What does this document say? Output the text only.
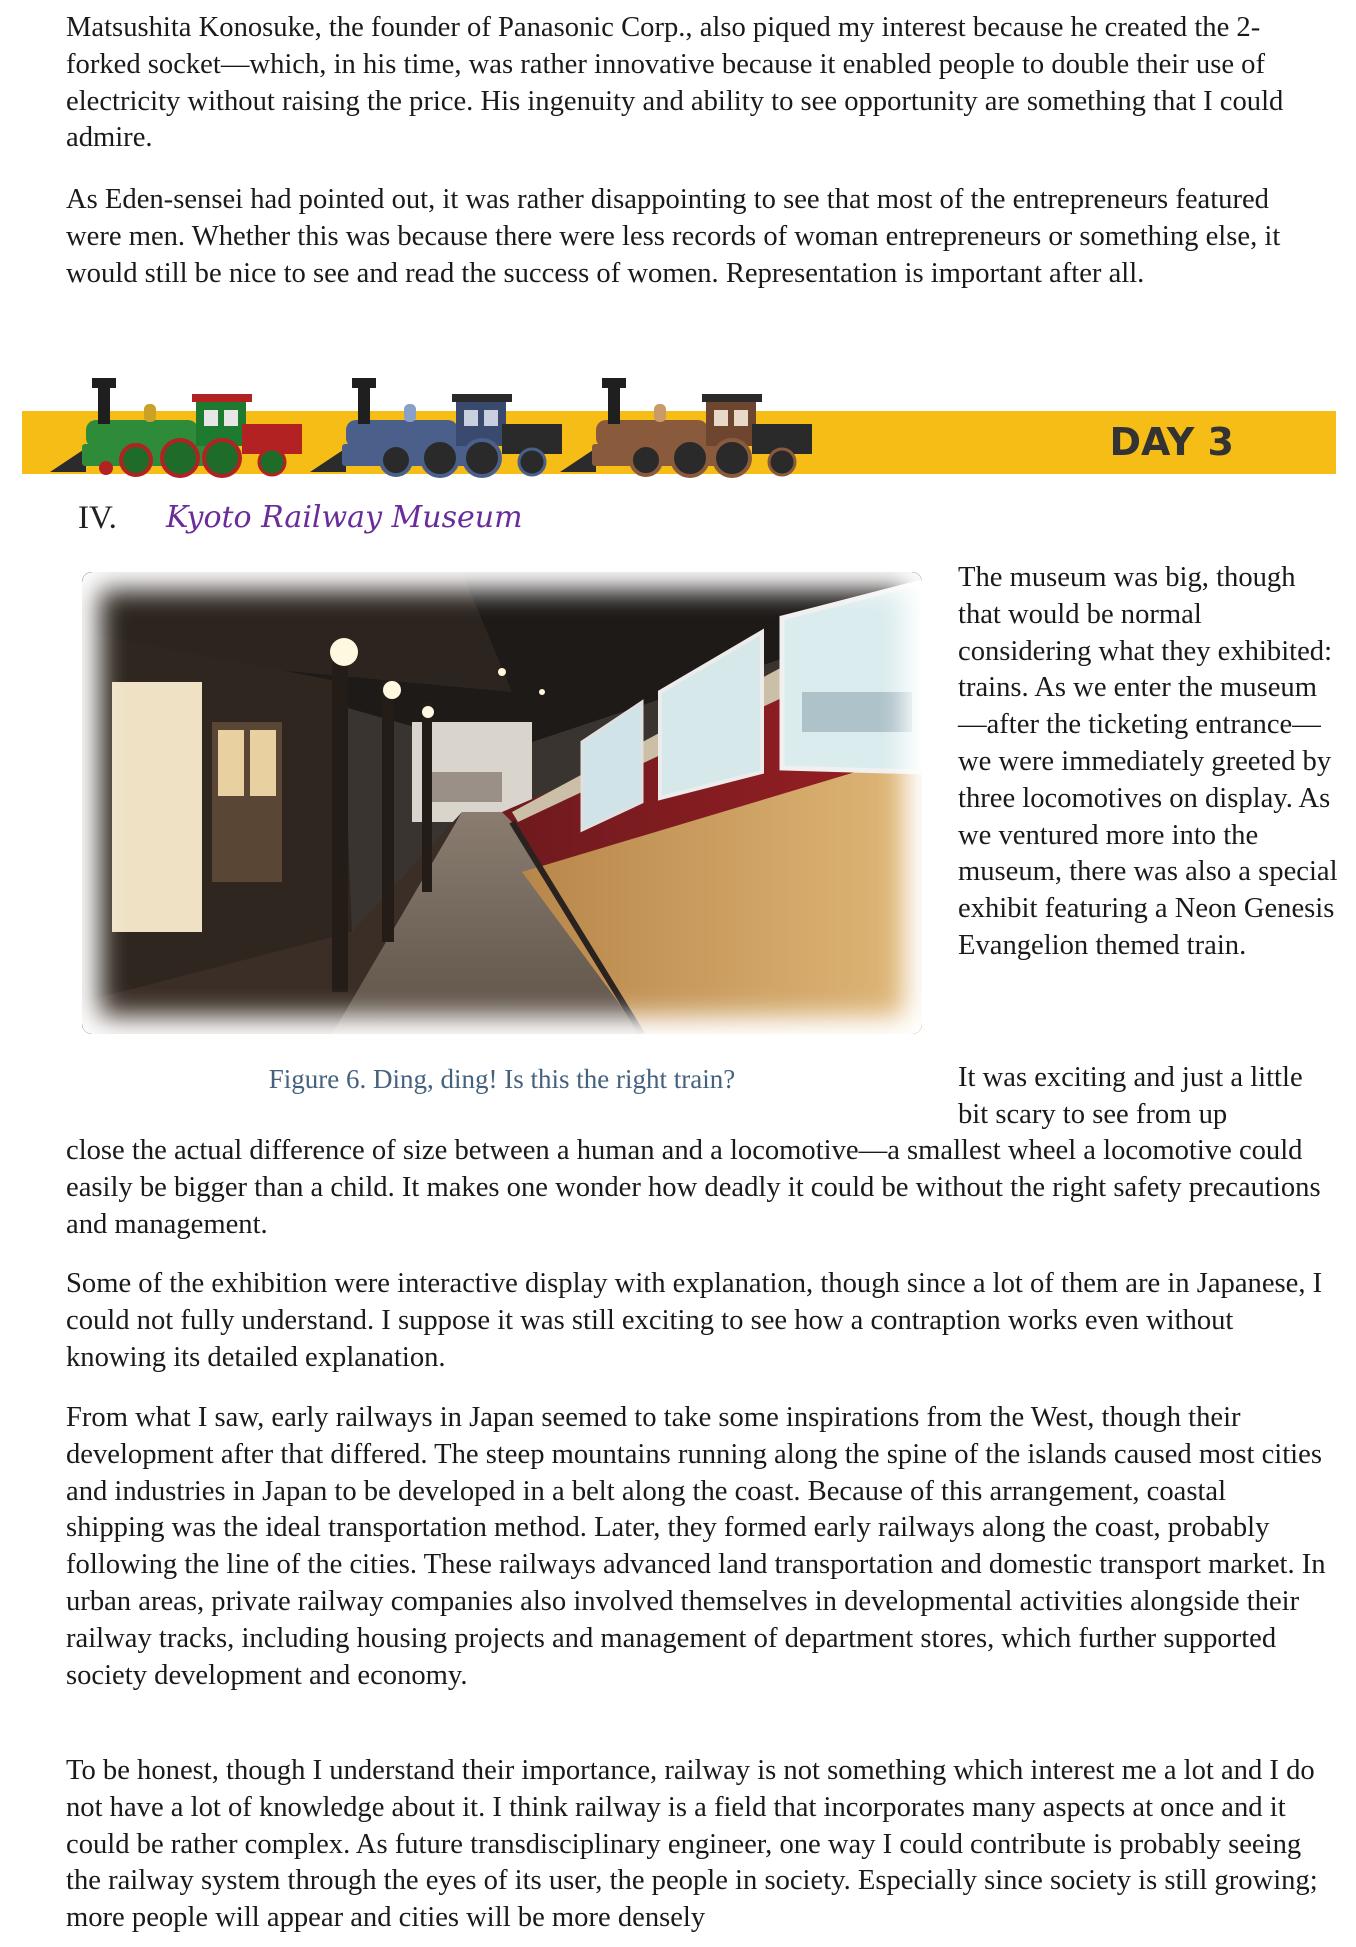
Matsushita Konosuke, the founder of Panasonic Corp., also piqued my interest because he created the 2-forked socket—which, in his time, was rather innovative because it enabled people to double their use of electricity without raising the price. His ingenuity and ability to see opportunity are something that I could admire.

As Eden-sensei had pointed out, it was rather disappointing to see that most of the entrepreneurs featured were men. Whether this was because there were less records of woman entrepreneurs or something else, it would still be nice to see and read the success of women. Representation is important after all.

DAY 3
IV. Kyoto Railway Museum
Figure 6. Ding, ding! Is this the right train?

The museum was big, though that would be normal considering what they exhibited: trains. As we enter the museum—after the ticketing entrance—we were immediately greeted by three locomotives on display. As we ventured more into the museum, there was also a special exhibit featuring a Neon Genesis Evangelion themed train.

It was exciting and just a little bit scary to see from up

close the actual difference of size between a human and a locomotive—a smallest wheel a locomotive could easily be bigger than a child. It makes one wonder how deadly it could be without the right safety precautions and management.

Some of the exhibition were interactive display with explanation, though since a lot of them are in Japanese, I could not fully understand. I suppose it was still exciting to see how a contraption works even without knowing its detailed explanation.

From what I saw, early railways in Japan seemed to take some inspirations from the West, though their development after that differed. The steep mountains running along the spine of the islands caused most cities and industries in Japan to be developed in a belt along the coast. Because of this arrangement, coastal shipping was the ideal transportation method. Later, they formed early railways along the coast, probably following the line of the cities. These railways advanced land transportation and domestic transport market. In urban areas, private railway companies also involved themselves in developmental activities alongside their railway tracks, including housing projects and management of department stores, which further supported society development and economy.

To be honest, though I understand their importance, railway is not something which interest me a lot and I do not have a lot of knowledge about it. I think railway is a field that incorporates many aspects at once and it could be rather complex. As future transdisciplinary engineer, one way I could contribute is probably seeing the railway system through the eyes of its user, the people in society. Especially since society is still growing; more people will appear and cities will be more densely
